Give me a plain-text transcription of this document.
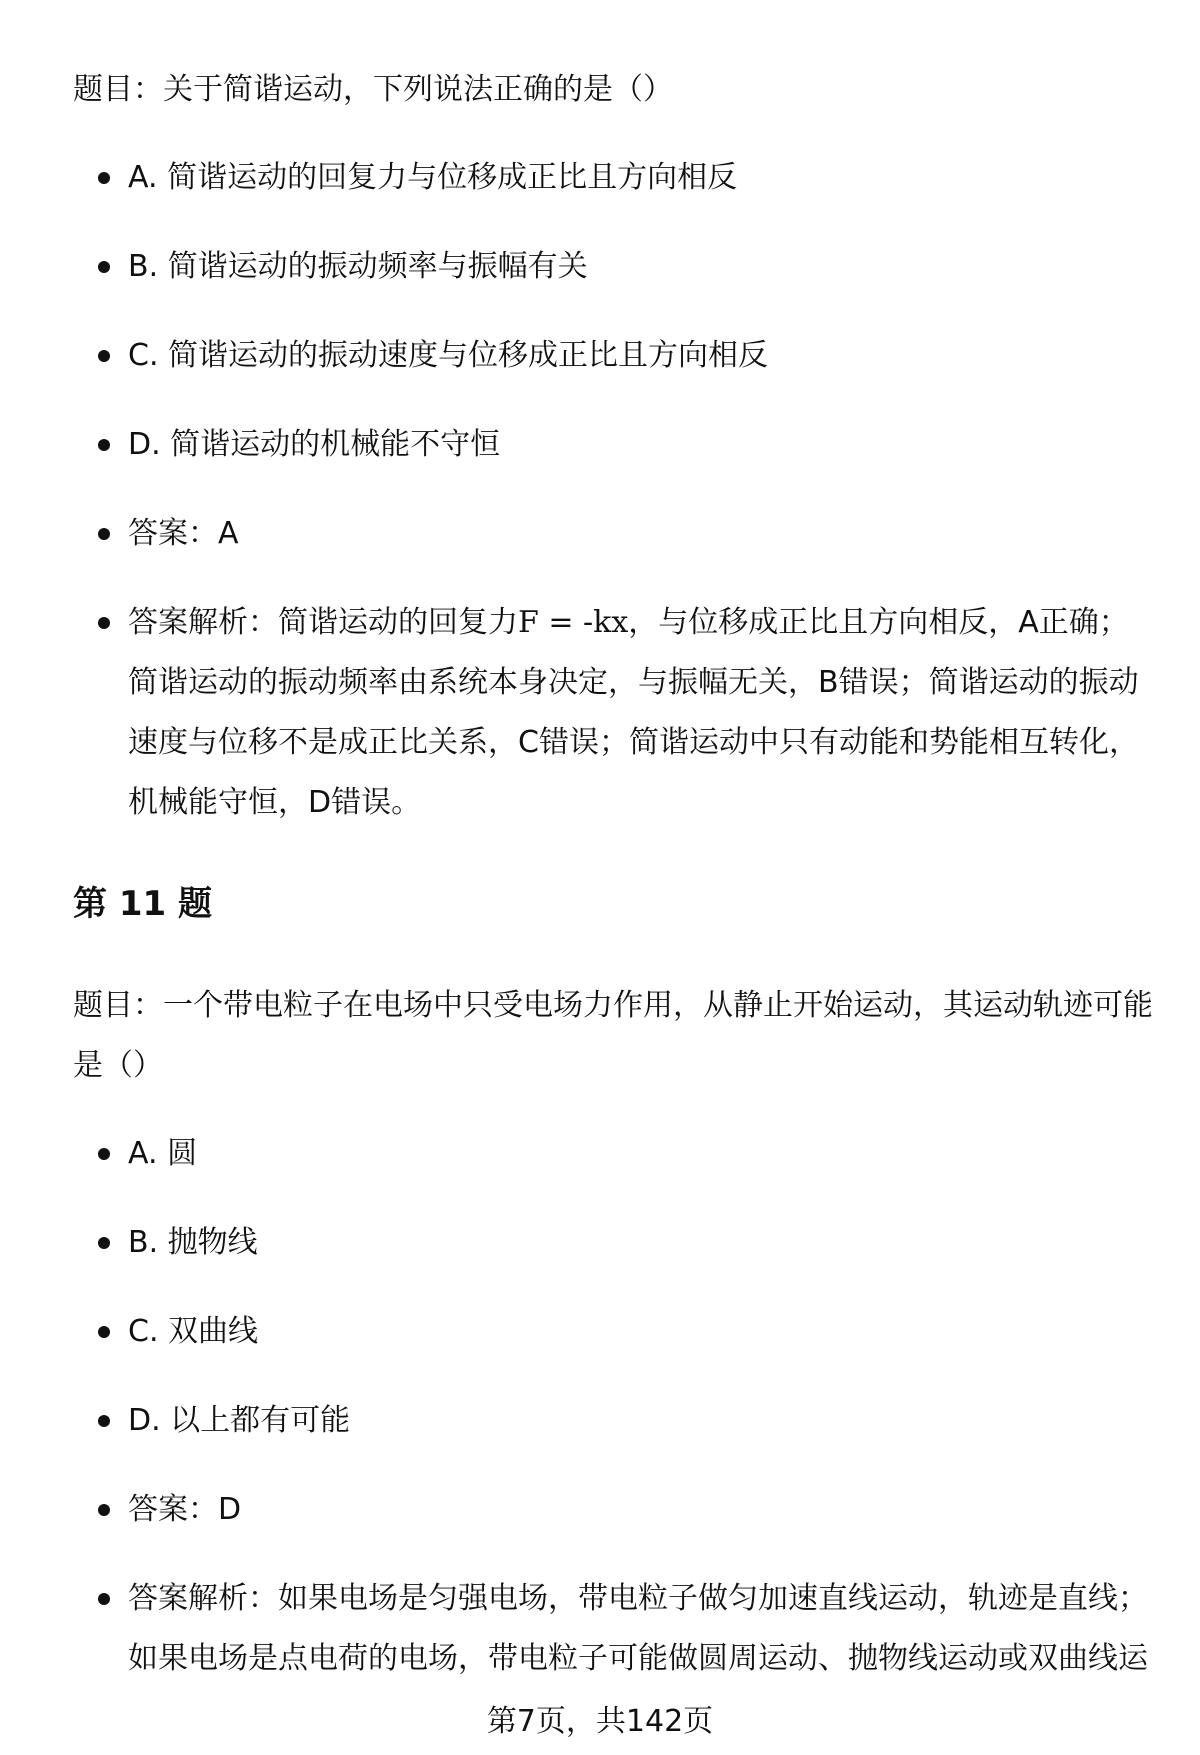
题目：关于简谐运动，下列说法正确的是（）

A. 简谐运动的回复力与位移成正比且方向相反
B. 简谐运动的振动频率与振幅有关
C. 简谐运动的振动速度与位移成正比且方向相反
D. 简谐运动的机械能不守恒
答案：A
答案解析：简谐运动的回复力F = -kx，与位移成正比且方向相反，A正确；简谐运动的振动频率由系统本身决定，与振幅无关，B错误；简谐运动的振动速度与位移不是成正比关系，C错误；简谐运动中只有动能和势能相互转化，机械能守恒，D错误。
第 11 题

题目：一个带电粒子在电场中只受电场力作用，从静止开始运动，其运动轨迹可能是（）

A. 圆
B. 抛物线
C. 双曲线
D. 以上都有可能
答案：D
答案解析：如果电场是匀强电场，带电粒子做匀加速直线运动，轨迹是直线；如果电场是点电荷的电场，带电粒子可能做圆周运动、抛物线运动或双曲线运
第7页，共142页
